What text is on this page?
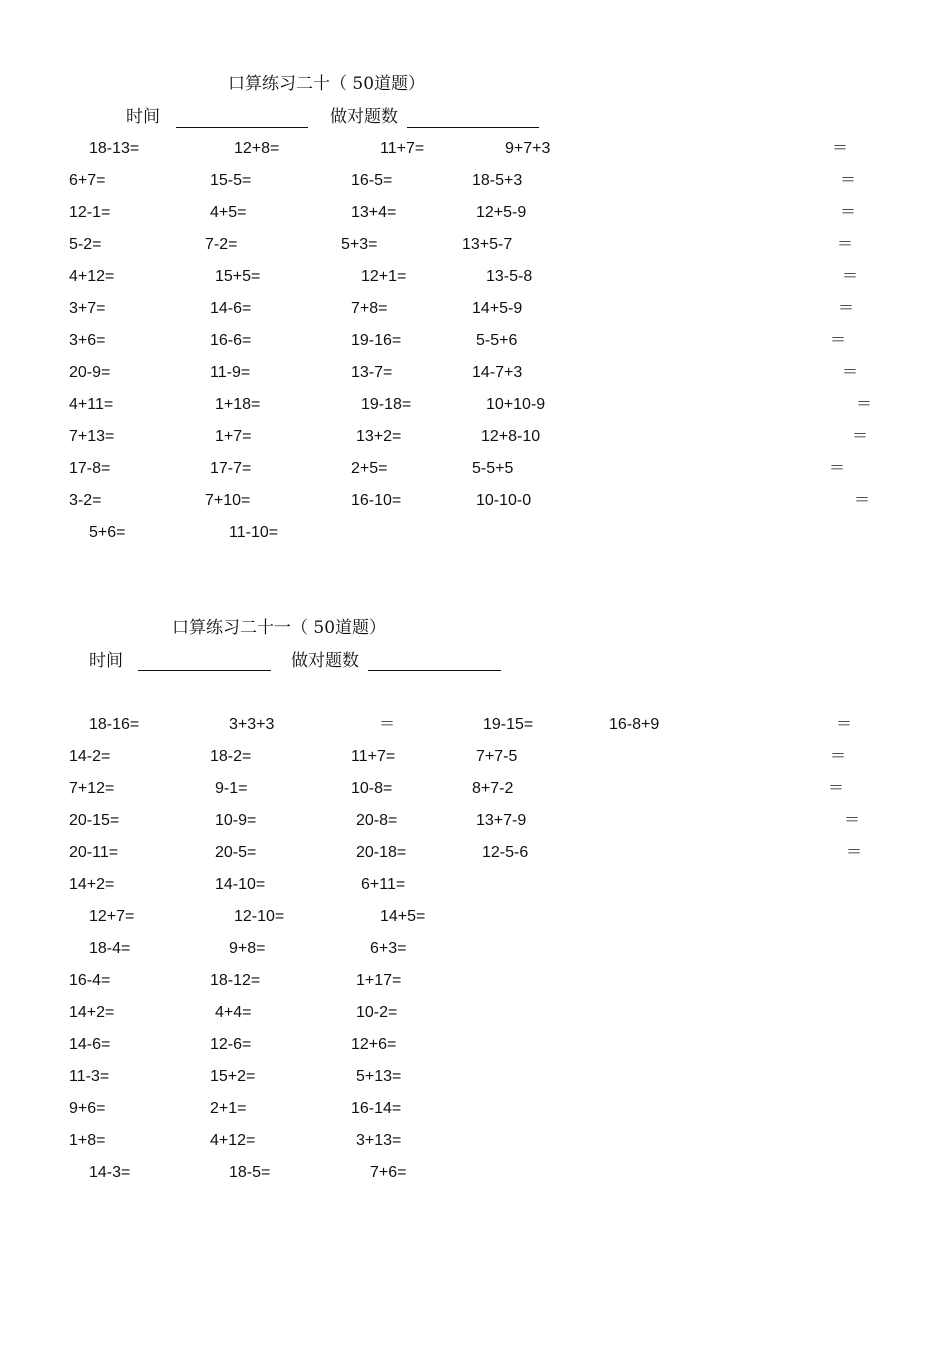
口算练习二十（ 50道题）
时间	做对题数
18-13=	12+8=	11+7=	9+7+3	＝
6+7=	15-5=	16-5=	18-5+3	＝
12-1=	4+5=	13+4=	12+5-9	＝
5-2=	7-2=	5+3=	13+5-7	＝
4+12=	15+5=	12+1=	13-5-8	＝
3+7=	14-6=	7+8=	14+5-9	＝
3+6=	16-6=	19-16=	5-5+6	＝
20-9=	11-9=	13-7=	14-7+3	＝
4+11=	1+18=	19-18=	10+10-9	＝
7+13=	1+7=	13+2=	12+8-10	＝
17-8=	17-7=	2+5=	5-5+5	＝
3-2=	7+10=	16-10=	10-10-0	＝
5+6=	11-10=
口算练习二十一（ 50道题）
时间	做对题数
18-16=	3+3+3	＝	19-15=	16-8+9	＝
14-2=	18-2=	11+7=	7+7-5	＝
7+12=	9-1=	10-8=	8+7-2	＝
20-15=	10-9=	20-8=	13+7-9	＝
20-11=	20-5=	20-18=	12-5-6	＝
14+2=	14-10=	6+11=
12+7=	12-10=	14+5=
18-4=	9+8=	6+3=
16-4=	18-12=	1+17=
14+2=	4+4=	10-2=
14-6=	12-6=	12+6=
11-3=	15+2=	5+13=
9+6=	2+1=	16-14=
1+8=	4+12=	3+13=
14-3=	18-5=	7+6=
